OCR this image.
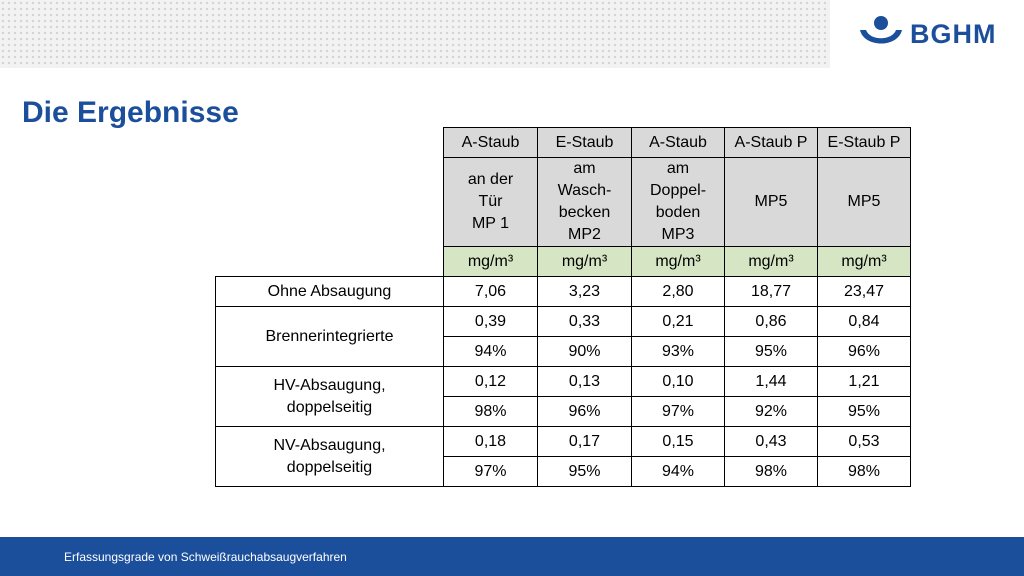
BGHM
Die Ergebnisse
	A-Staub	E-Staub	A-Staub	A-Staub P	E-Staub P
	an der
Tür
MP 1	am
Wasch-
becken
MP2	am
Doppel-
boden
MP3	MP5	MP5
	mg/m³	mg/m³	mg/m³	mg/m³	mg/m³
Ohne Absaugung	7,06	3,23	2,80	18,77	23,47
Brennerintegrierte	0,39	0,33	0,21	0,86	0,84
	94%	90%	93%	95%	96%
HV-Absaugung,
doppelseitig	0,12	0,13	0,10	1,44	1,21
	98%	96%	97%	92%	95%
NV-Absaugung,
doppelseitig	0,18	0,17	0,15	0,43	0,53
	97%	95%	94%	98%	98%
Erfassungsgrade von Schweißrauchabsaugverfahren
